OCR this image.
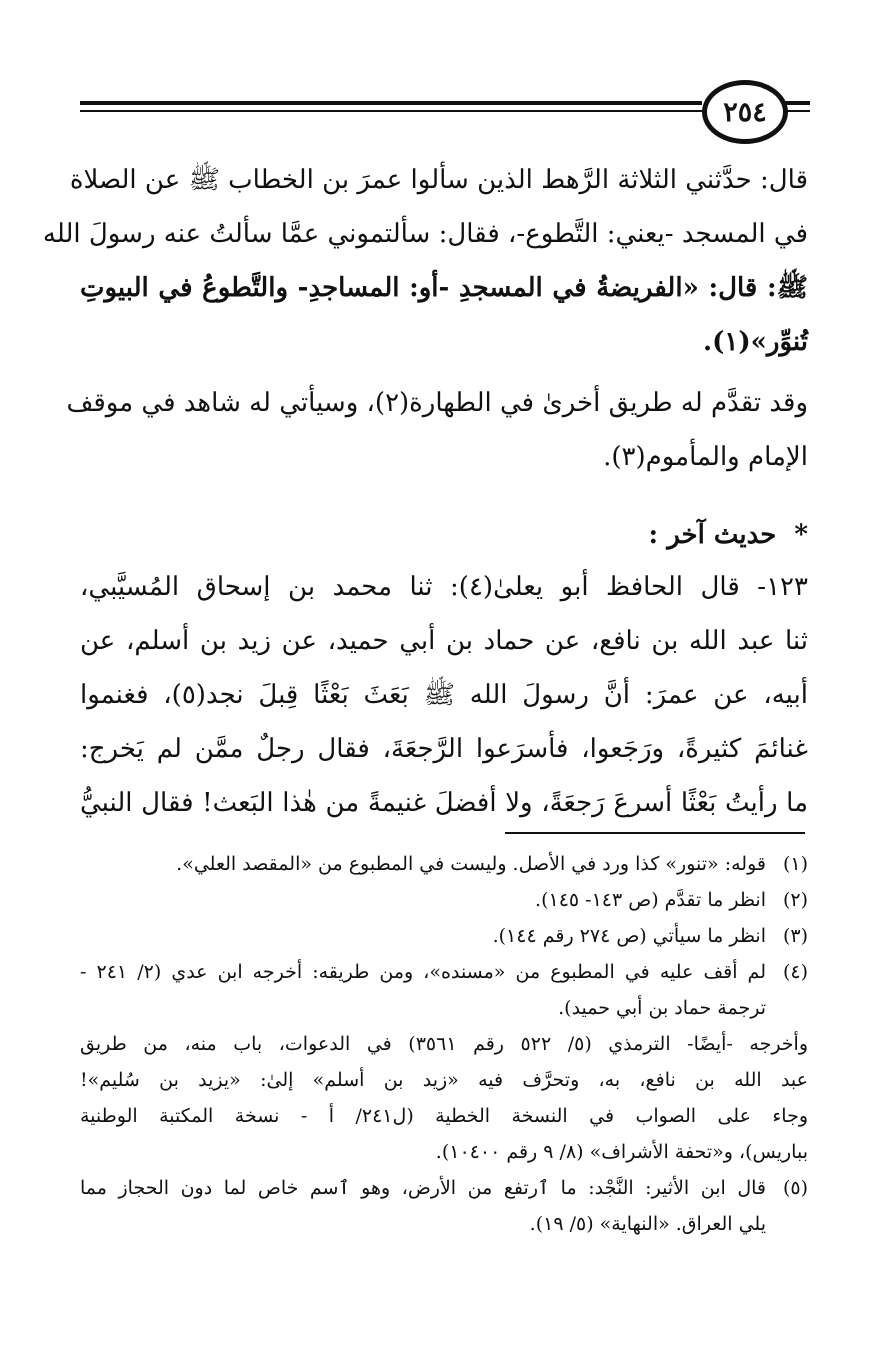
٢٥٤
قال: حدَّثني الثلاثة الرَّهط الذين سألوا عمرَ بن الخطاب ﷺ عن الصلاة
في المسجد -يعني: التَّطوع-، فقال: سألتموني عمَّا سألتُ عنه رسولَ الله
ﷺ: قال: «الفريضةُ في المسجدِ -أو: المساجدِ- والتَّطوعُ في البيوتِ
تُنوِّر»(١).
وقد تقدَّم له طريق أخرىٰ في الطهارة(٢)، وسيأتي له شاهد في موقف
الإمام والمأموم(٣).
*حديث آخر :
١٢٣- قال الحافظ أبو يعلىٰ(٤): ثنا محمد بن إسحاق المُسيَّبي،
ثنا عبد الله بن نافع، عن حماد بن أبي حميد، عن زيد بن أسلم، عن
أبيه، عن عمرَ: أنَّ رسولَ الله ﷺ بَعَثَ بَعْثًا قِبلَ نجد(٥)، فغنموا
غنائمَ كثيرةً، ورَجَعوا، فأسرَعوا الرَّجعَةَ، فقال رجلٌ ممَّن لم يَخرج:
ما رأيتُ بَعْثًا أسرعَ رَجعَةً، ولا أفضلَ غنيمةً من هٰذا البَعث! فقال النبيُّ
(١)
قوله: «تنور» كذا ورد في الأصل. وليست في المطبوع من «المقصد العلي».
(٢)
انظر ما تقدَّم (ص ١٤٣- ١٤٥).
(٣)
انظر ما سيأتي (ص ٢٧٤ رقم ١٤٤).
(٤)
لم أقف عليه في المطبوع من «مسنده»، ومن طريقه: أخرجه ابن عدي (٢/ ٢٤١ -
ترجمة حماد بن أبي حميد).
وأخرجه -أيضًا- الترمذي (٥/ ٥٢٢ رقم ٣٥٦١) في الدعوات، باب منه، من طريق
عبد الله بن نافع، به، وتحرَّف فيه «زيد بن أسلم» إلىٰ: «يزيد بن سُليم»!
وجاء على الصواب في النسخة الخطية (ل٢٤١/ أ - نسخة المكتبة الوطنية
بباريس)، و«تحفة الأشراف» (٨/ ٩ رقم ١٠٤٠٠).
(٥)
قال ابن الأثير: النَّجْد: ما ٱرتفع من الأرض، وهو ٱسم خاص لما دون الحجاز مما
يلي العراق. «النهاية» (٥/ ١٩).
